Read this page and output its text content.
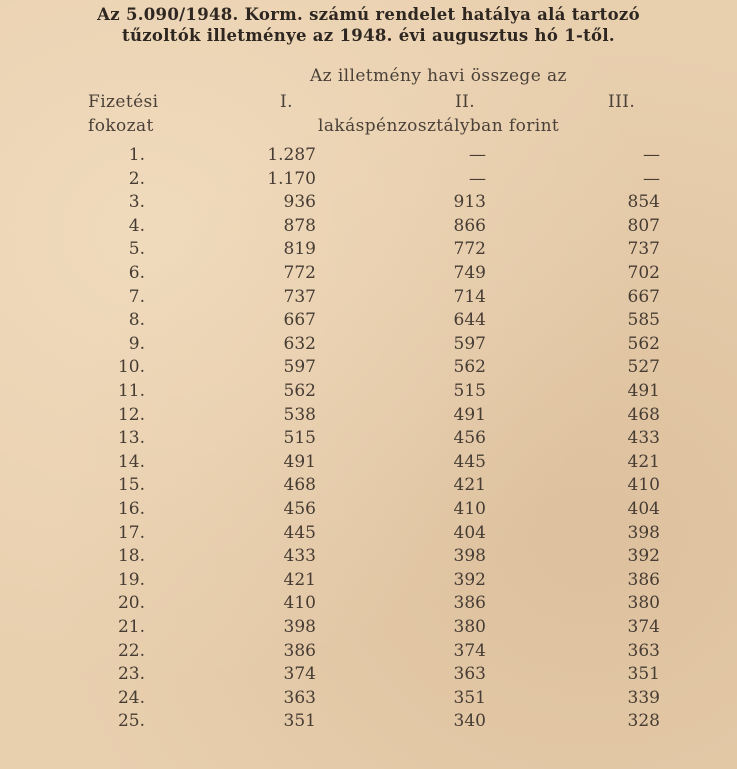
Az 5.090/1948. Korm. számú rendelet hatálya alá tartozó
tűzoltók illetménye az 1948. évi augusztus hó 1-től.
Az illetmény havi összege az
Fizetési	I.	II.	III.
fokozat	lakáspénzosztályban forint
1.	1.287	—	—
2.	1.170	—	—
3.	936	913	854
4.	878	866	807
5.	819	772	737
6.	772	749	702
7.	737	714	667
8.	667	644	585
9.	632	597	562
10.	597	562	527
11.	562	515	491
12.	538	491	468
13.	515	456	433
14.	491	445	421
15.	468	421	410
16.	456	410	404
17.	445	404	398
18.	433	398	392
19.	421	392	386
20.	410	386	380
21.	398	380	374
22.	386	374	363
23.	374	363	351
24.	363	351	339
25.	351	340	328
